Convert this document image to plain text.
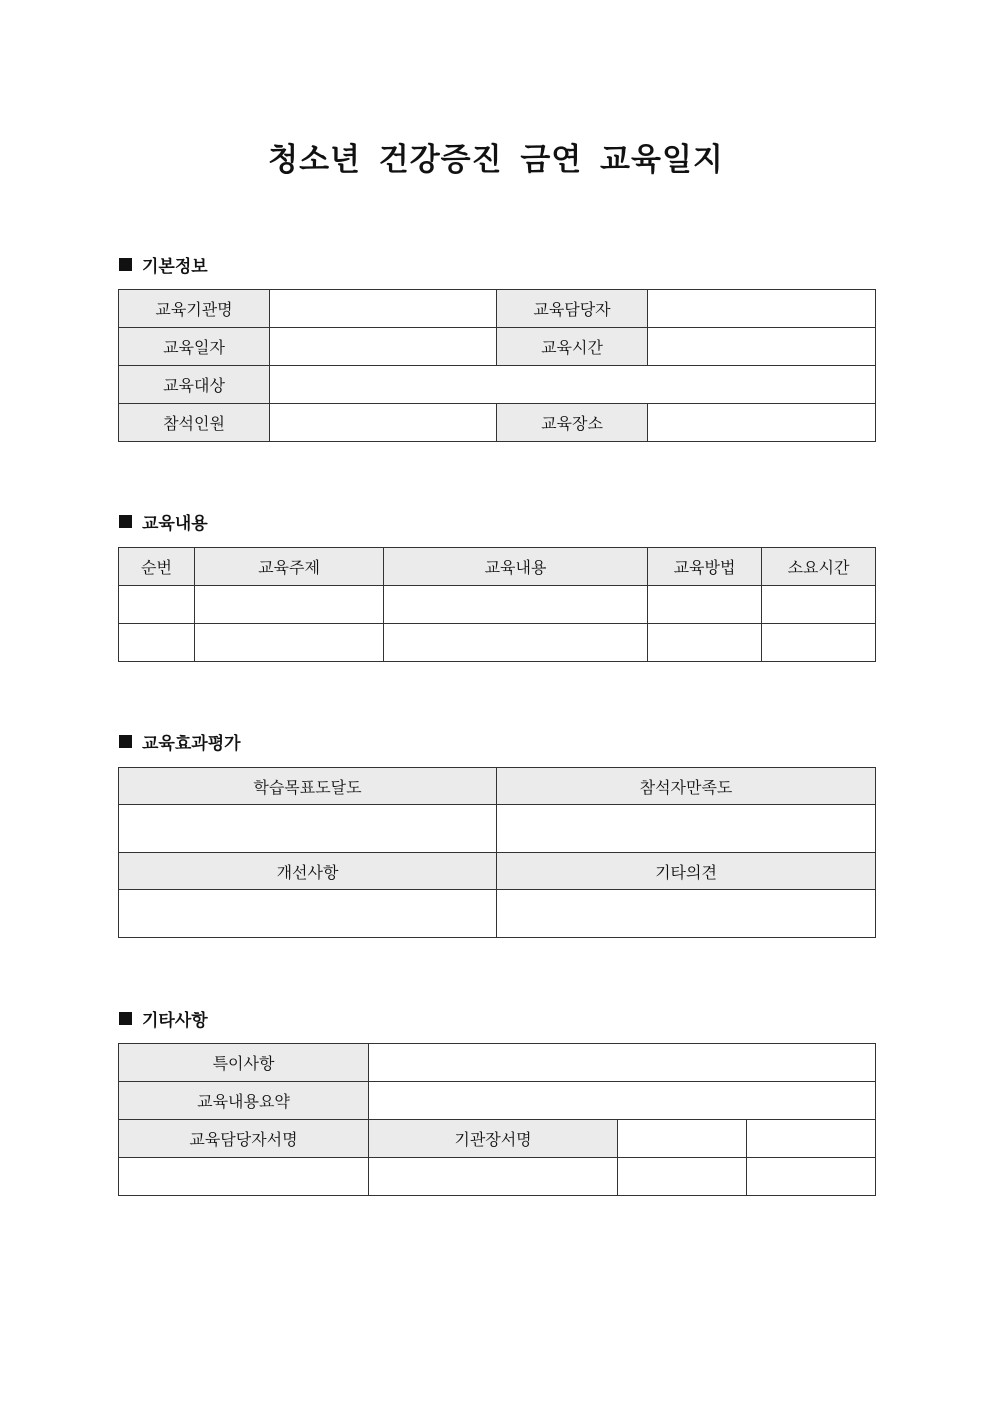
청소년 건강증진 금연 교육일지
기본정보
교육기관명		교육담당자	
교육일자		교육시간	
교육대상			
참석인원		교육장소	
교육내용
순번	교육주제	교육내용	교육방법	소요시간

교육효과평가
학습목표도달도	참석자만족도

개선사항	기타의견

기타사항
특이사항			
교육내용요약			
교육담당자서명	기관장서명		
